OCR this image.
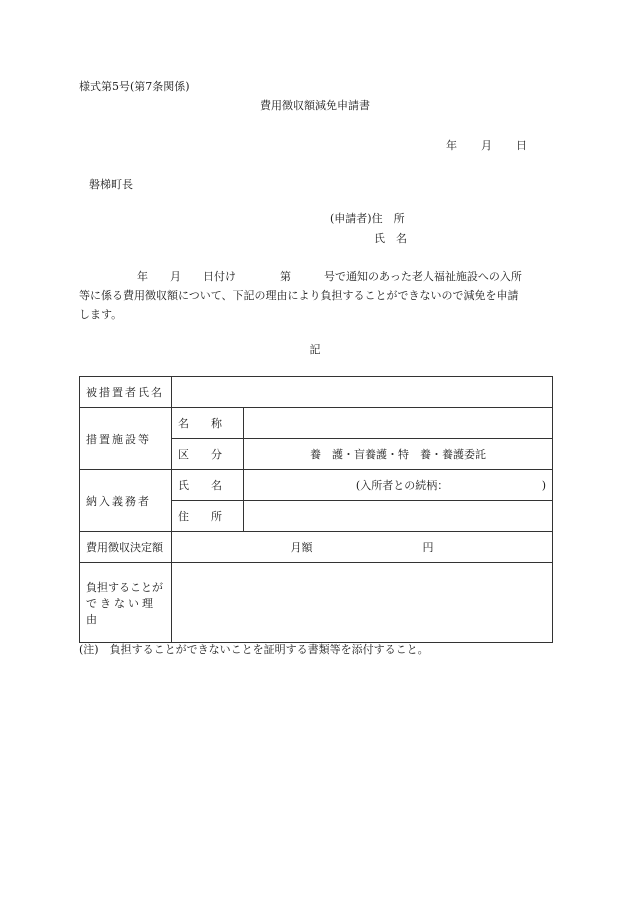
様式第5号(第7条関係)
費用徴収額減免申請書
年 月 日
磐梯町長
(申請者)住　所
氏　名
年　　月　　日付け　　　　第　　　号で通知のあった老人福祉施設への入所
等に係る費用徴収額について、下記の理由により負担することができないので減免を申請
します。
記
被措置者氏名		
措置施設等	名　　称	
	区　　分	養　護・盲養護・特　養・養護委託
納入義務者	氏　　名	(入所者との続柄：　　　　　　　　　)
	住　　所	
費用徴収決定額	月額　　　　　　　　　　円	

負担することが
できない理由		

(注)　負担することができないことを証明する書類等を添付すること。
